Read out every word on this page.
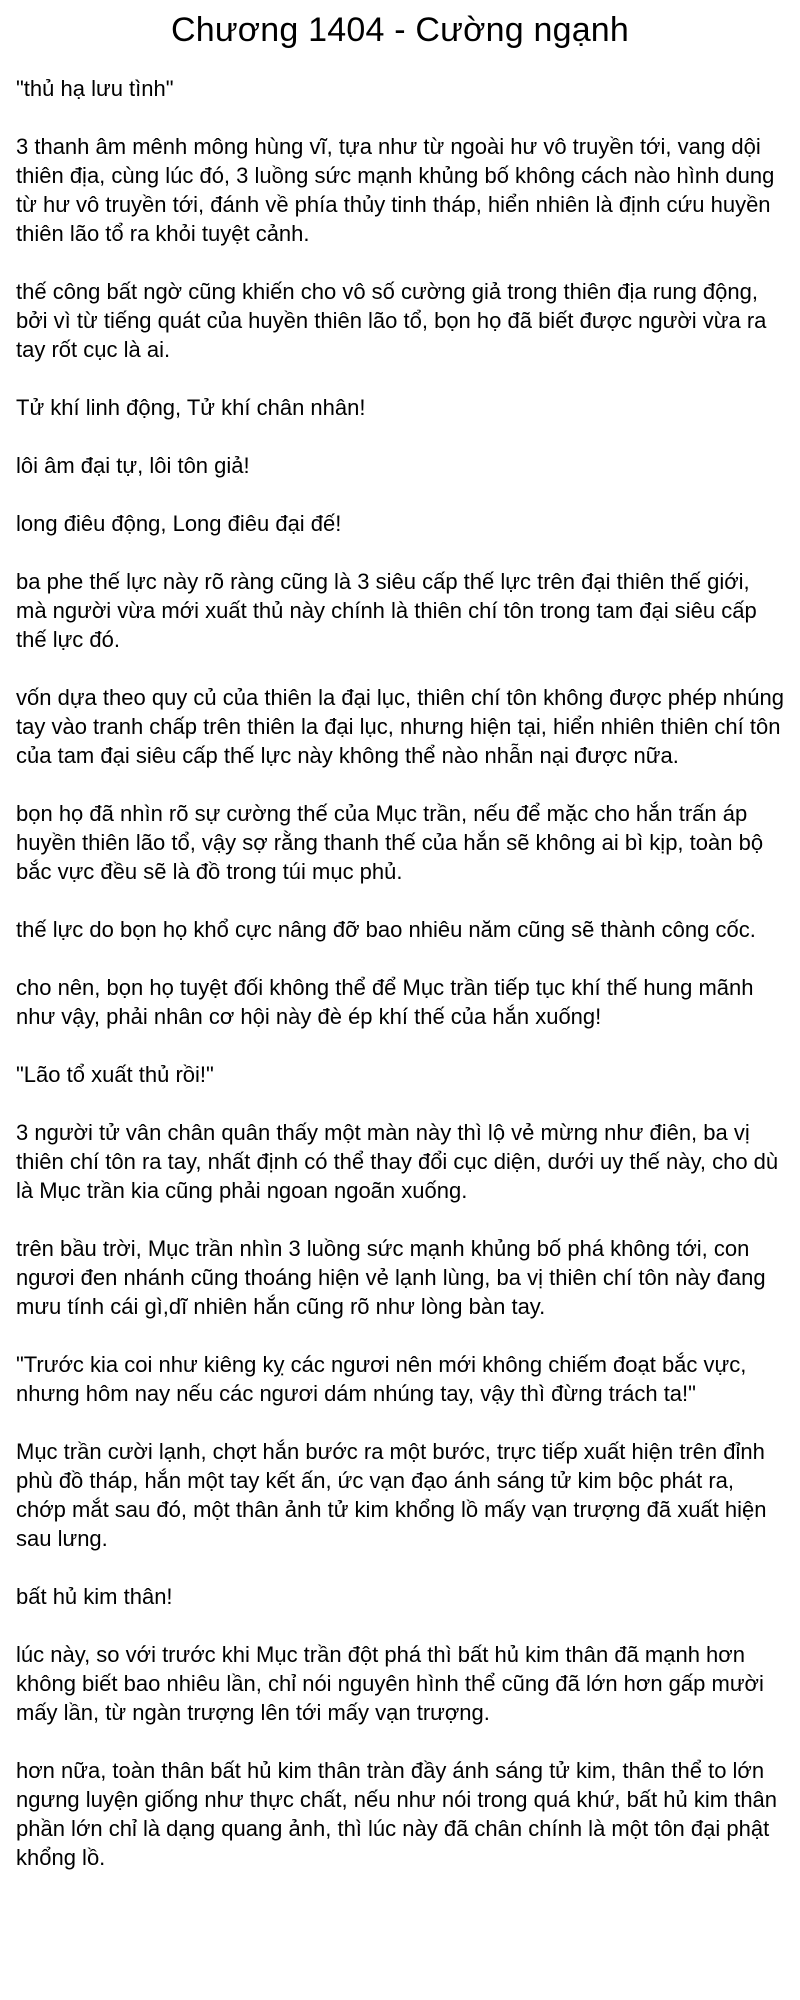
Chương 1404 - Cường ngạnh

"thủ hạ lưu tình"

3 thanh âm mênh mông hùng vĩ, tựa như từ ngoài hư vô truyền tới, vang dội thiên địa, cùng lúc đó, 3 luồng sức mạnh khủng bố không cách nào hình dung từ hư vô truyền tới, đánh về phía thủy tinh tháp, hiển nhiên là định cứu huyền thiên lão tổ ra khỏi tuyệt cảnh.

thế công bất ngờ cũng khiến cho vô số cường giả trong thiên địa rung động, bởi vì từ tiếng quát của huyền thiên lão tổ, bọn họ đã biết được người vừa ra tay rốt cục là ai.

Tử khí linh động, Tử khí chân nhân!

lôi âm đại tự, lôi tôn giả!

long điêu động, Long điêu đại đế!

ba phe thế lực này rõ ràng cũng là 3 siêu cấp thế lực trên đại thiên thế giới, mà người vừa mới xuất thủ này chính là thiên chí tôn trong tam đại siêu cấp thế lực đó.

vốn dựa theo quy củ của thiên la đại lục, thiên chí tôn không được phép nhúng tay vào tranh chấp trên thiên la đại lục, nhưng hiện tại, hiển nhiên thiên chí tôn của tam đại siêu cấp thế lực này không thể nào nhẫn nại được nữa.

bọn họ đã nhìn rõ sự cường thế của Mục trần, nếu để mặc cho hắn trấn áp huyền thiên lão tổ, vậy sợ rằng thanh thế của hắn sẽ không ai bì kịp, toàn bộ bắc vực đều sẽ là đồ trong túi mục phủ.

thế lực do bọn họ khổ cực nâng đỡ bao nhiêu năm cũng sẽ thành công cốc.

cho nên, bọn họ tuyệt đối không thể để Mục trần tiếp tục khí thế hung mãnh như vậy, phải nhân cơ hội này đè ép khí thế của hắn xuống!

"Lão tổ xuất thủ rồi!"

3 người tử vân chân quân thấy một màn này thì lộ vẻ mừng như điên, ba vị thiên chí tôn ra tay, nhất định có thể thay đổi cục diện, dưới uy thế này, cho dù là Mục trần kia cũng phải ngoan ngoãn xuống.

trên bầu trời, Mục trần nhìn 3 luồng sức mạnh khủng bố phá không tới, con ngươi đen nhánh cũng thoáng hiện vẻ lạnh lùng, ba vị thiên chí tôn này đang mưu tính cái gì,dĩ nhiên hắn cũng rõ như lòng bàn tay.

"Trước kia coi như kiêng kỵ các ngươi nên mới không chiếm đoạt bắc vực, nhưng hôm nay nếu các ngươi dám nhúng tay, vậy thì đừng trách ta!"

Mục trần cười lạnh, chợt hắn bước ra một bước, trực tiếp xuất hiện trên đỉnh phù đồ tháp, hắn một tay kết ấn, ức vạn đạo ánh sáng tử kim bộc phát ra, chớp mắt sau đó, một thân ảnh tử kim khổng lồ mấy vạn trượng đã xuất hiện sau lưng.

bất hủ kim thân!

lúc này, so với trước khi Mục trần đột phá thì bất hủ kim thân đã mạnh hơn không biết bao nhiêu lần, chỉ nói nguyên hình thể cũng đã lớn hơn gấp mười mấy lần, từ ngàn trượng lên tới mấy vạn trượng.

hơn nữa, toàn thân bất hủ kim thân tràn đầy ánh sáng tử kim, thân thể to lớn ngưng luyện giống như thực chất, nếu như nói trong quá khứ, bất hủ kim thân phần lớn chỉ là dạng quang ảnh, thì lúc này đã chân chính là một tôn đại phật khổng lồ.
